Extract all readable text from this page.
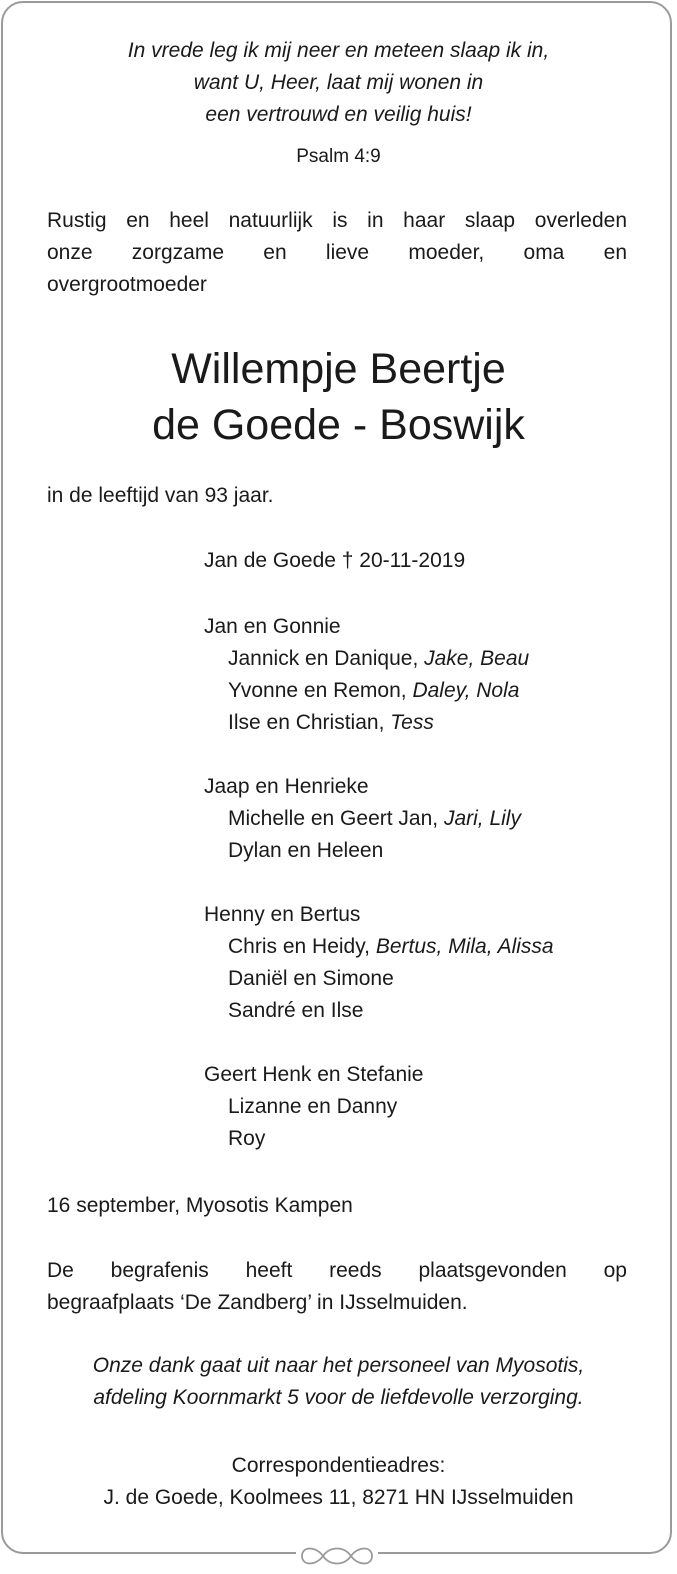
In vrede leg ik mij neer en meteen slaap ik in,
want U, Heer, laat mij wonen in
een vertrouwd en veilig huis!
Psalm 4:9
Rustig en heel natuurlijk is in haar slaap overleden
onze zorgzame en lieve moeder, oma en
overgrootmoeder
Willempje Beertje
de Goede - Boswijk
in de leeftijd van 93 jaar.
Jan de Goede † 20-11-2019
Jan en Gonnie
Jannick en Danique, Jake, Beau
Yvonne en Remon, Daley, Nola
Ilse en Christian, Tess
Jaap en Henrieke
Michelle en Geert Jan, Jari, Lily
Dylan en Heleen
Henny en Bertus
Chris en Heidy, Bertus, Mila, Alissa
Daniël en Simone
Sandré en Ilse
Geert Henk en Stefanie
Lizanne en Danny
Roy
16 september, Myosotis Kampen
De begrafenis heeft reeds plaatsgevonden op
begraafplaats ‘De Zandberg’ in IJsselmuiden.
Onze dank gaat uit naar het personeel van Myosotis,
afdeling Koornmarkt 5 voor de liefdevolle verzorging.
Correspondentieadres:
J. de Goede, Koolmees 11, 8271 HN IJsselmuiden
